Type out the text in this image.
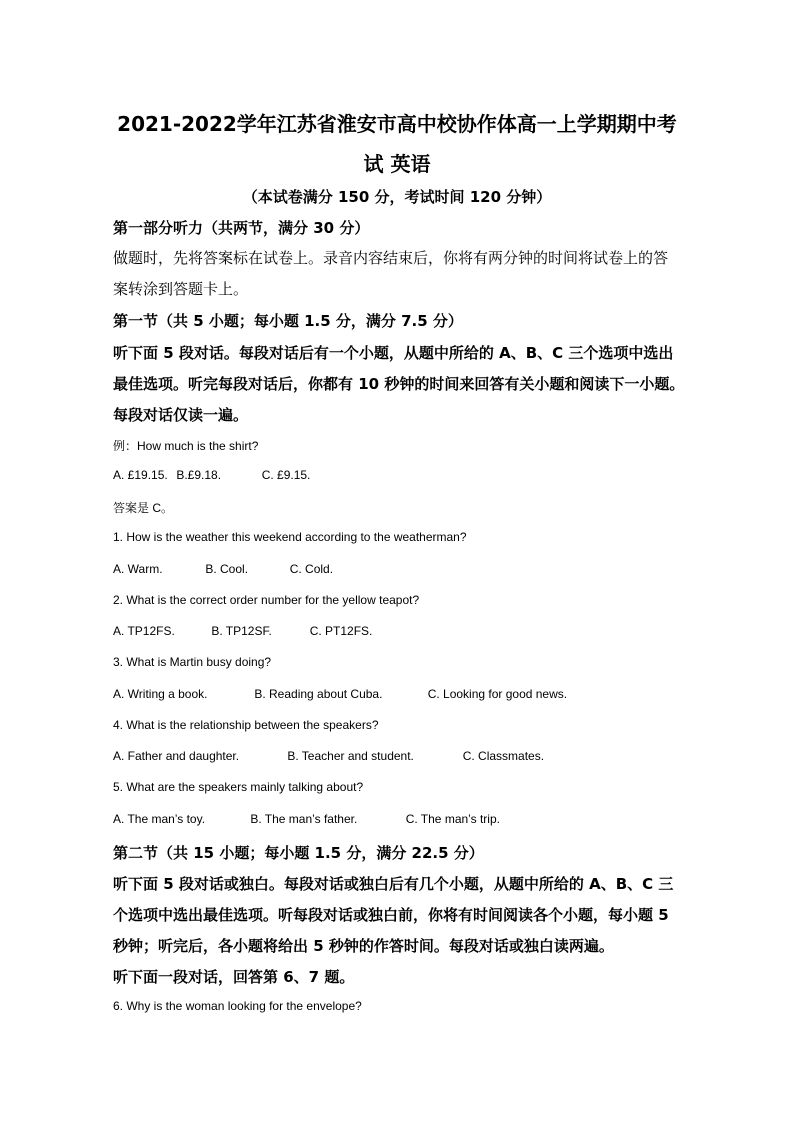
2021-2022学年江苏省淮安市高中校协作体高一上学期期中考
试 英语
（本试卷满分 150 分，考试时间 120 分钟）
第一部分听力（共两节，满分 30 分）
做题时，先将答案标在试卷上。录音内容结束后，你将有两分钟的时间将试卷上的答
案转涂到答题卡上。
第一节（共 5 小题；每小题 1.5 分，满分 7.5 分）
听下面 5 段对话。每段对话后有一个小题，从题中所给的 A、B、C 三个选项中选出
最佳选项。听完每段对话后，你都有 10 秒钟的时间来回答有关小题和阅读下一小题。
每段对话仅读一遍。
例：How much is the shirt?
A. £19.15. B.£9.18.	C. £9.15.
答案是 C。
1. How is the weather this weekend according to the weatherman?
A. Warm.	B. Cool.	C. Cold.
2. What is the correct order number for the yellow teapot?
A. TP12FS.	B. TP12SF.	C. PT12FS.
3. What is Martin busy doing?
A. Writing a book.	B. Reading about Cuba.	C. Looking for good news.
4. What is the relationship between the speakers?
A. Father and daughter.	B. Teacher and student.	C. Classmates.
5. What are the speakers mainly talking about?
A. The man’s toy.	B. The man’s father.	C. The man’s trip.
第二节（共 15 小题；每小题 1.5 分，满分 22.5 分）
听下面 5 段对话或独白。每段对话或独白后有几个小题，从题中所给的 A、B、C 三
个选项中选出最佳选项。听每段对话或独白前，你将有时间阅读各个小题，每小题 5
秒钟；听完后，各小题将给出 5 秒钟的作答时间。每段对话或独白读两遍。
听下面一段对话，回答第 6、7 题。
6. Why is the woman looking for the envelope?
